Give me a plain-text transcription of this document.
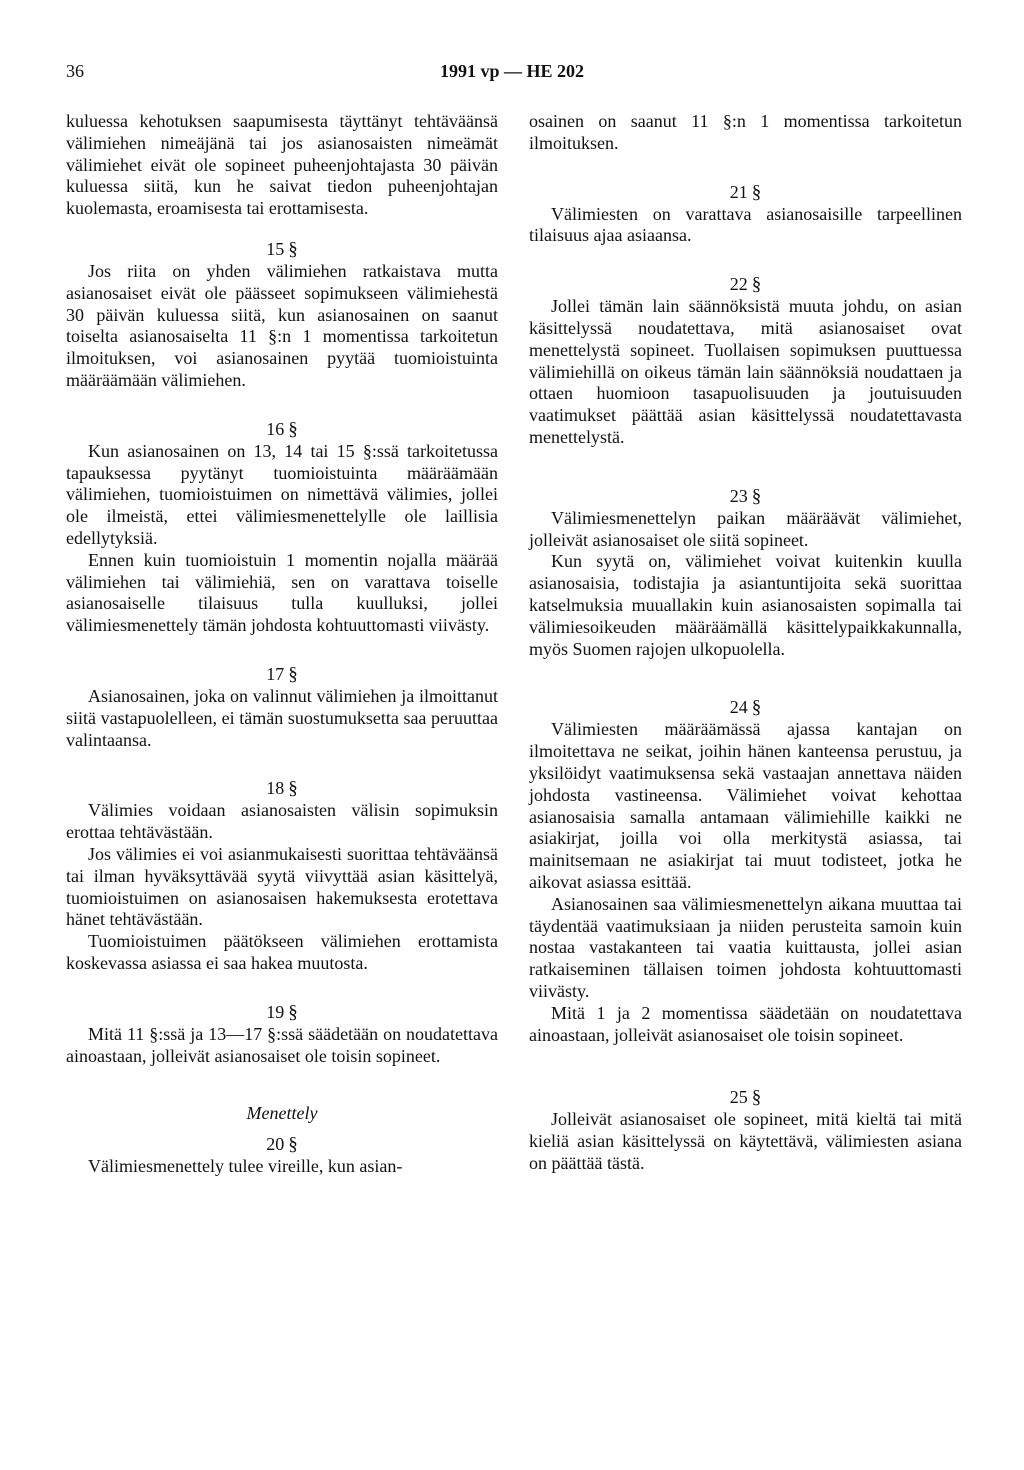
36	1991 vp — HE 202

kuluessa kehotuksen saapumisesta täyttänyt tehtäväänsä välimiehen nimeäjänä tai jos asianosaisten nimeämät välimiehet eivät ole sopineet puheenjohtajasta 30 päivän kuluessa siitä, kun he saivat tiedon puheenjohtajan kuolemasta, eroamisesta tai erottamisesta.

15 §

Jos riita on yhden välimiehen ratkaistava mutta asianosaiset eivät ole päässeet sopimukseen välimiehestä 30 päivän kuluessa siitä, kun asianosainen on saanut toiselta asianosaiselta 11 §:n 1 momentissa tarkoitetun ilmoituksen, voi asianosainen pyytää tuomioistuinta määräämään välimiehen.

16 §

Kun asianosainen on 13, 14 tai 15 §:ssä tarkoitetussa tapauksessa pyytänyt tuomioistuinta määräämään välimiehen, tuomioistuimen on nimettävä välimies, jollei ole ilmeistä, ettei välimiesmenettelylle ole laillisia edellytyksiä.

Ennen kuin tuomioistuin 1 momentin nojalla määrää välimiehen tai välimiehiä, sen on varattava toiselle asianosaiselle tilaisuus tulla kuulluksi, jollei välimiesmenettely tämän johdosta kohtuuttomasti viivästy.

17 §

Asianosainen, joka on valinnut välimiehen ja ilmoittanut siitä vastapuolelleen, ei tämän suostumuksetta saa peruuttaa valintaansa.

18 §

Välimies voidaan asianosaisten välisin sopimuksin erottaa tehtävästään.

Jos välimies ei voi asianmukaisesti suorittaa tehtäväänsä tai ilman hyväksyttävää syytä viivyttää asian käsittelyä, tuomioistuimen on asianosaisen hakemuksesta erotettava hänet tehtävästään.

Tuomioistuimen päätökseen välimiehen erottamista koskevassa asiassa ei saa hakea muutosta.

19 §

Mitä 11 §:ssä ja 13—17 §:ssä säädetään on noudatettava ainoastaan, jolleivät asianosaiset ole toisin sopineet.

Menettely
20 §

Välimiesmenettely tulee vireille, kun asian-

osainen on saanut 11 §:n 1 momentissa tarkoitetun ilmoituksen.

21 §

Välimiesten on varattava asianosaisille tarpeellinen tilaisuus ajaa asiaansa.

22 §

Jollei tämän lain säännöksistä muuta johdu, on asian käsittelyssä noudatettava, mitä asianosaiset ovat menettelystä sopineet. Tuollaisen sopimuksen puuttuessa välimiehillä on oikeus tämän lain säännöksiä noudattaen ja ottaen huomioon tasapuolisuuden ja joutuisuuden vaatimukset päättää asian käsittelyssä noudatettavasta menettelystä.

23 §

Välimiesmenettelyn paikan määräävät välimiehet, jolleivät asianosaiset ole siitä sopineet.

Kun syytä on, välimiehet voivat kuitenkin kuulla asianosaisia, todistajia ja asiantuntijoita sekä suorittaa katselmuksia muuallakin kuin asianosaisten sopimalla tai välimiesoikeuden määräämällä käsittelypaikkakunnalla, myös Suomen rajojen ulkopuolella.

24 §

Välimiesten määräämässä ajassa kantajan on ilmoitettava ne seikat, joihin hänen kanteensa perustuu, ja yksilöidyt vaatimuksensa sekä vastaajan annettava näiden johdosta vastineensa. Välimiehet voivat kehottaa asianosaisia samalla antamaan välimiehille kaikki ne asiakirjat, joilla voi olla merkitystä asiassa, tai mainitsemaan ne asiakirjat tai muut todisteet, jotka he aikovat asiassa esittää.

Asianosainen saa välimiesmenettelyn aikana muuttaa tai täydentää vaatimuksiaan ja niiden perusteita samoin kuin nostaa vastakanteen tai vaatia kuittausta, jollei asian ratkaiseminen tällaisen toimen johdosta kohtuuttomasti viivästy.

Mitä 1 ja 2 momentissa säädetään on noudatettava ainoastaan, jolleivät asianosaiset ole toisin sopineet.

25 §

Jolleivät asianosaiset ole sopineet, mitä kieltä tai mitä kieliä asian käsittelyssä on käytettävä, välimiesten asiana on päättää tästä.
